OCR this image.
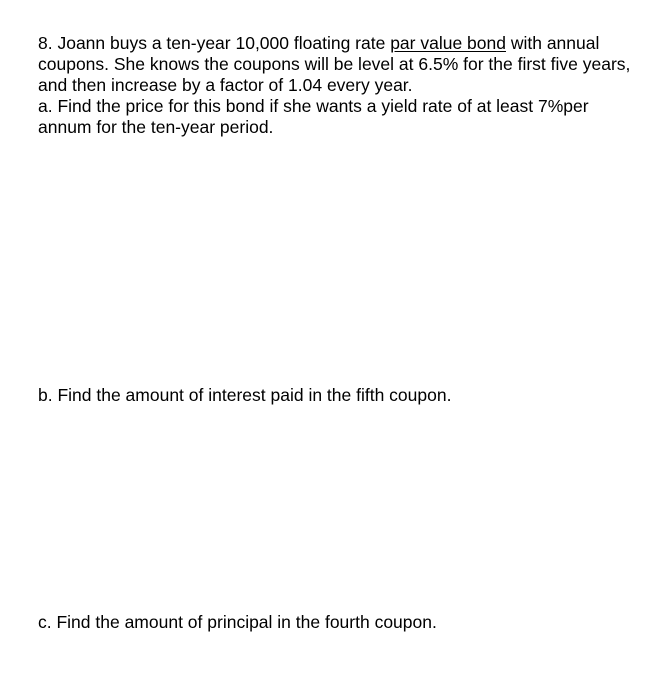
8. Joann buys a ten-year 10,000 floating rate par value bond with annual coupons. She knows the coupons will be level at 6.5% for the first five years, and then increase by a factor of 1.04 every year.

a. Find the price for this bond if she wants a yield rate of at least 7%per annum for the ten-year period.

b. Find the amount of interest paid in the fifth coupon.

c. Find the amount of principal in the fourth coupon.
